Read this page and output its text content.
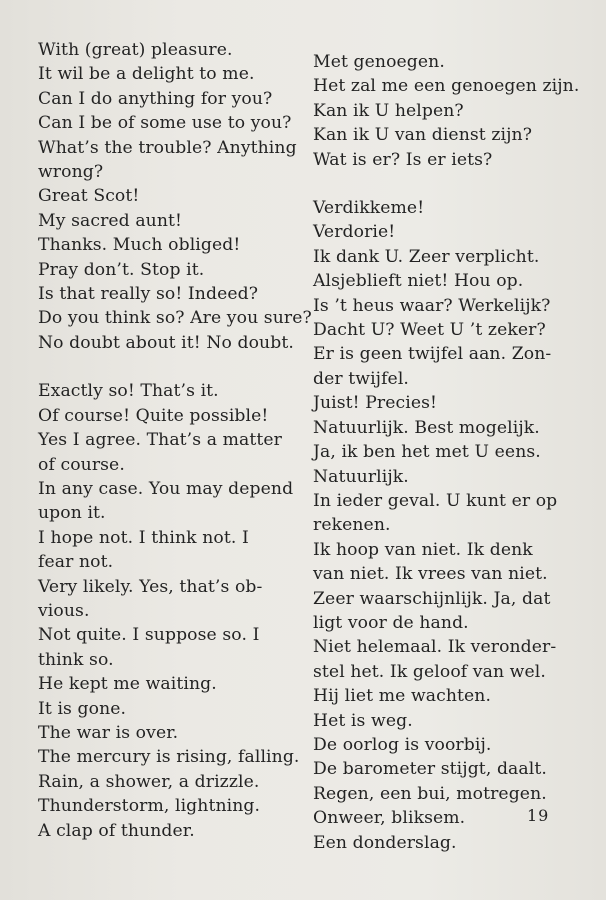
With (great) pleasure.
It wil be a delight to me.
Can I do anything for you?
Can I be of some use to you?
What’s the trouble? Anything
wrong?
Great Scot!
My sacred aunt!
Thanks. Much obliged!
Pray don’t. Stop it.
Is that really so! Indeed?
Do you think so? Are you sure?
No doubt about it! No doubt.
Exactly so! That’s it.
Of course! Quite possible!
Yes I agree. That’s a matter
of course.
In any case. You may depend
upon it.
I hope not. I think not. I
fear not.
Very likely. Yes, that’s ob-
vious.
Not quite. I suppose so. I
think so.
He kept me waiting.
It is gone.
The war is over.
The mercury is rising, falling.
Rain, a shower, a drizzle.
Thunderstorm, lightning.
A clap of thunder.
Met genoegen.
Het zal me een genoegen zijn.
Kan ik U helpen?
Kan ik U van dienst zijn?
Wat is er? Is er iets?
Verdikkeme!
Verdorie!
Ik dank U. Zeer verplicht.
Alsjeblieft niet! Hou op.
Is ’t heus waar? Werkelijk?
Dacht U? Weet U ’t zeker?
Er is geen twijfel aan. Zon-
der twijfel.
Juist! Precies!
Natuurlijk. Best mogelijk.
Ja, ik ben het met U eens.
Natuurlijk.
In ieder geval. U kunt er op
rekenen.
Ik hoop van niet. Ik denk
van niet. Ik vrees van niet.
Zeer waarschijnlijk. Ja, dat
ligt voor de hand.
Niet helemaal. Ik veronder-
stel het. Ik geloof van wel.
Hij liet me wachten.
Het is weg.
De oorlog is voorbij.
De barometer stijgt, daalt.
Regen, een bui, motregen.
Onweer, bliksem.
Een donderslag.
19
